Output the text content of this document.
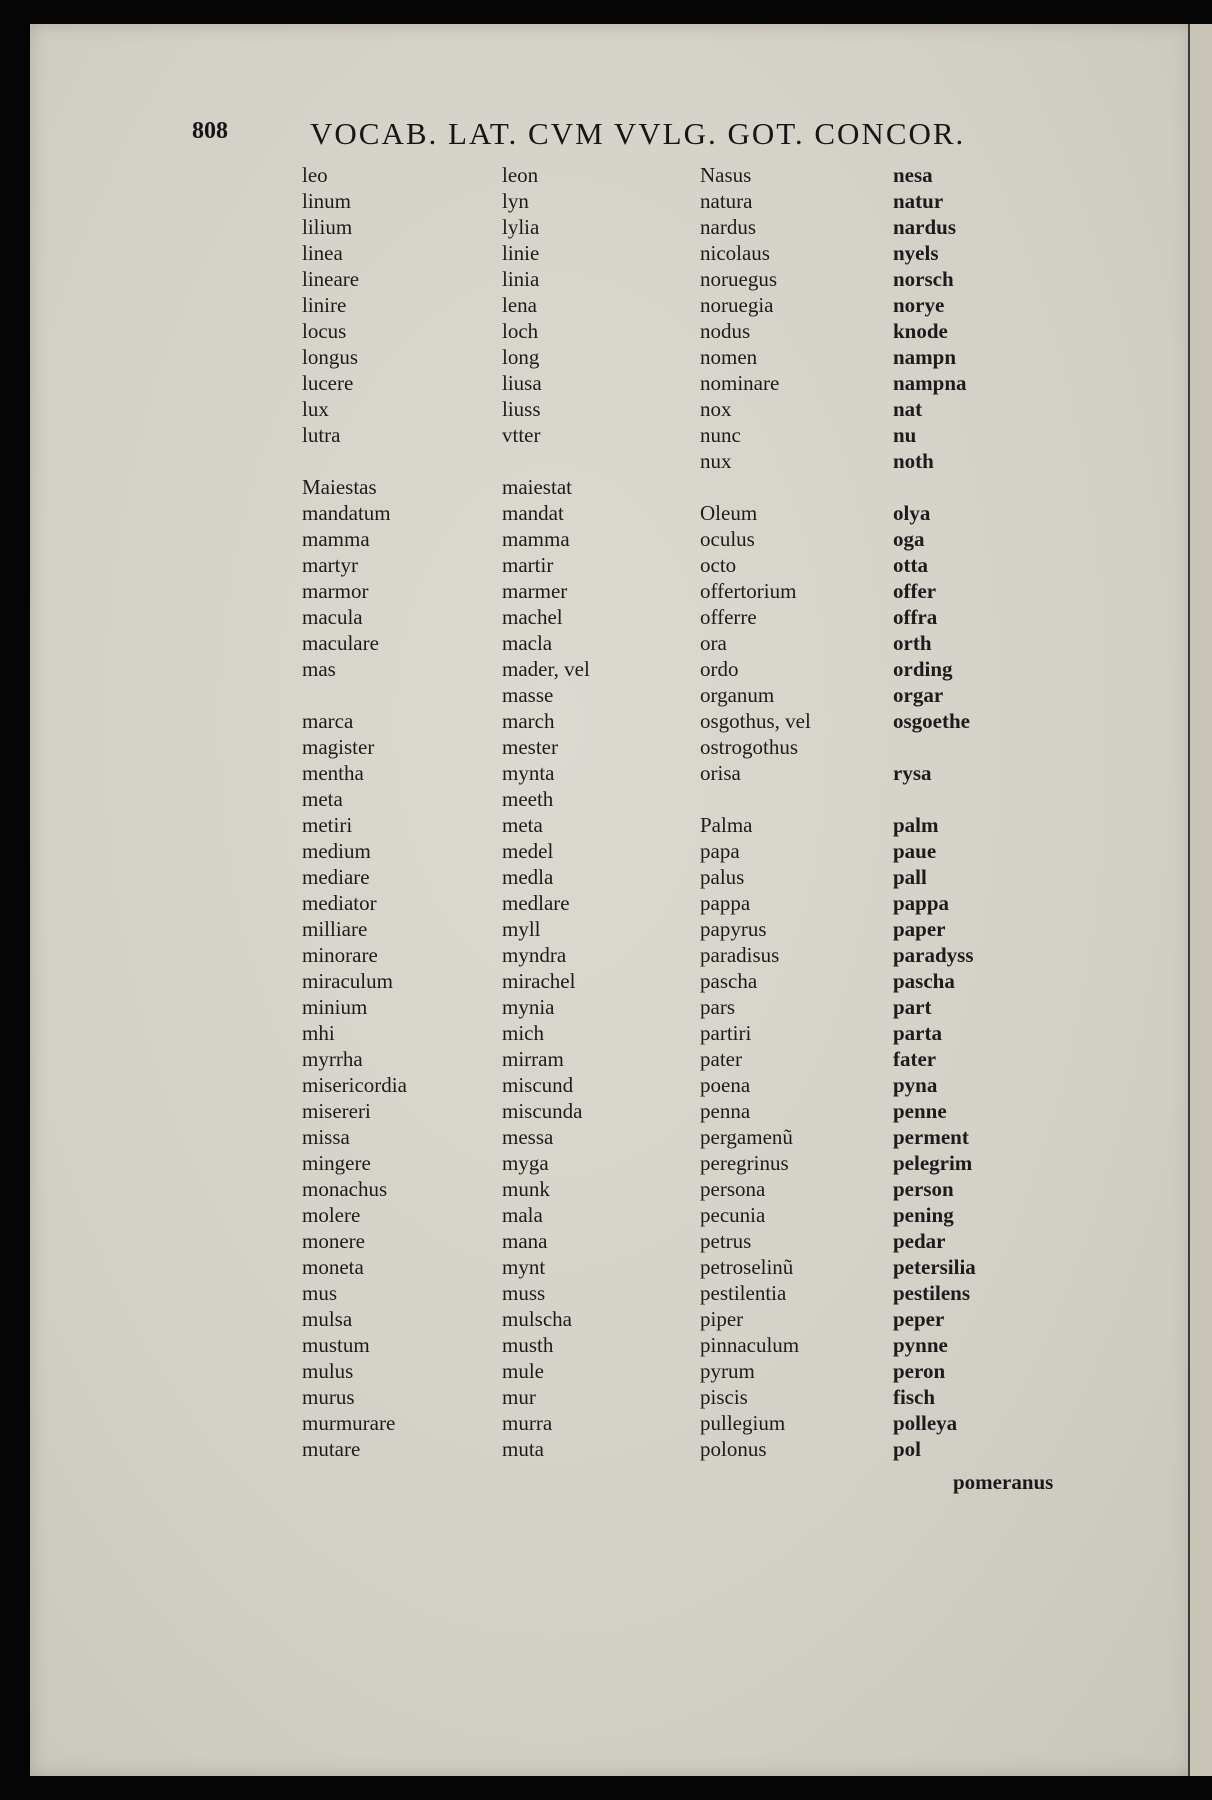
808	VOCAB. LAT. CVM VVLG. GOT. CONCOR.
leo
linum
lilium
linea
lineare
linire
locus
longus
lucere
lux
lutra
Maiestas
mandatum
mamma
martyr
marmor
macula
maculare
mas
marca
magister
mentha
meta
metiri
medium
mediare
mediator
milliare
minorare
miraculum
minium
mhi
myrrha
misericordia
misereri
missa
mingere
monachus
molere
monere
moneta
mus
mulsa
mustum
mulus
murus
murmurare
mutare
leon
lyn
lylia
linie
linia
lena
loch
long
liusa
liuss
vtter
maiestat
mandat
mamma
martir
marmer
machel
macla
mader, vel
masse
march
mester
mynta
meeth
meta
medel
medla
medlare
myll
myndra
mirachel
mynia
mich
mirram
miscund
miscunda
messa
myga
munk
mala
mana
mynt
muss
mulscha
musth
mule
mur
murra
muta
Nasus
natura
nardus
nicolaus
noruegus
noruegia
nodus
nomen
nominare
nox
nunc
nux
Oleum
oculus
octo
offertorium
offerre
ora
ordo
organum
osgothus, vel
ostrogothus
orisa
Palma
papa
palus
pappa
papyrus
paradisus
pascha
pars
partiri
pater
poena
penna
pergamenũ
peregrinus
persona
pecunia
petrus
petroselinũ
pestilentia
piper
pinnaculum
pyrum
piscis
pullegium
polonus
nesa
natur
nardus
nyels
norsch
norye
knode
nampn
nampna
nat
nu
noth
olya
oga
otta
offer
offra
orth
ording
orgar
osgoethe
rysa
palm
paue
pall
pappa
paper
paradyss
pascha
part
parta
fater
pyna
penne
perment
pelegrim
person
pening
pedar
petersilia
pestilens
peper
pynne
peron
fisch
polleya
pol
pomeranus
